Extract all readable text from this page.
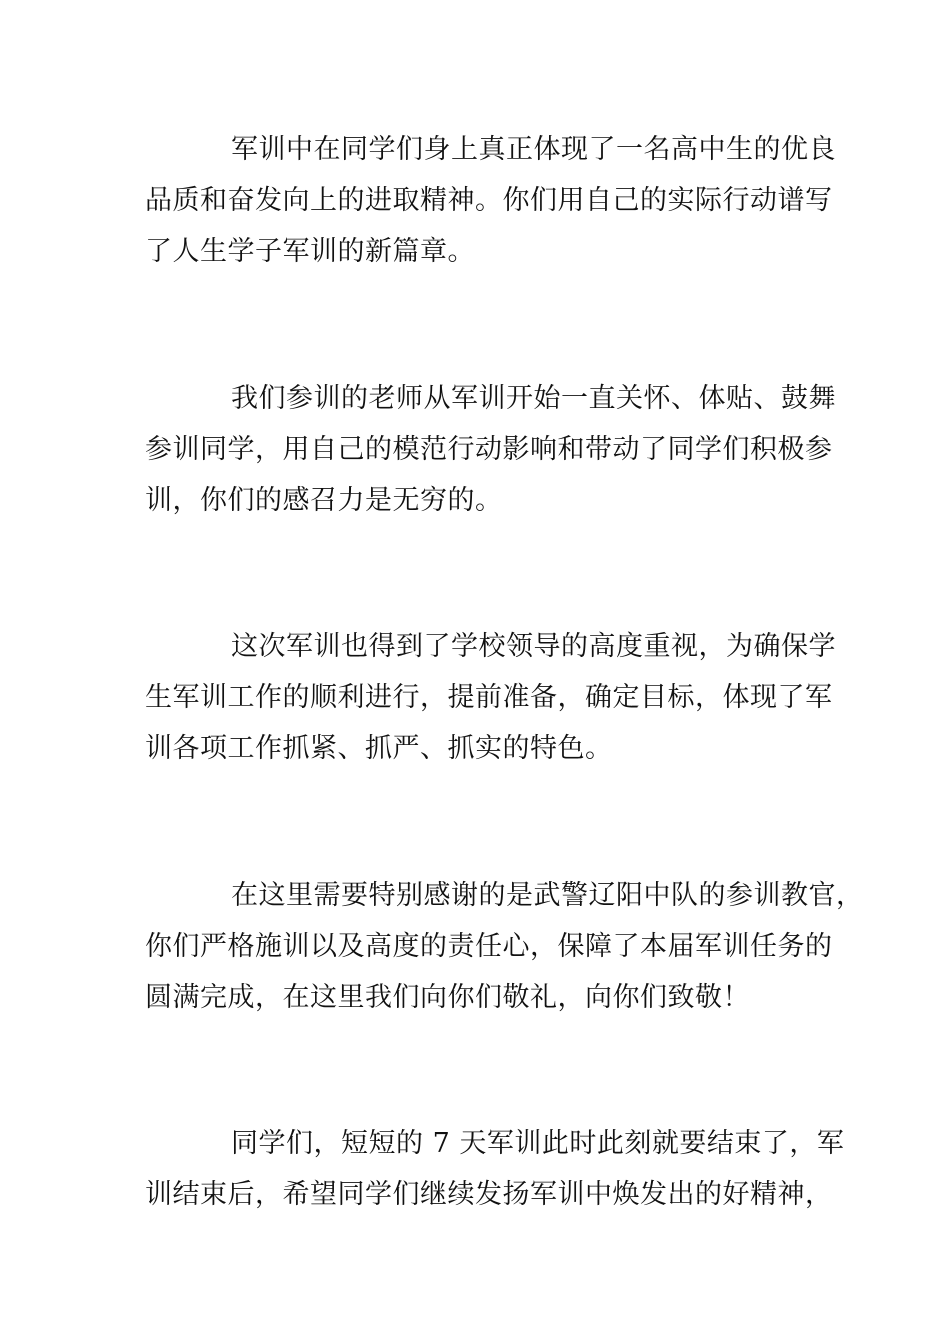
军训中在同学们身上真正体现了一名高中生的优良
品质和奋发向上的进取精神。你们用自己的实际行动谱写
了人生学子军训的新篇章。
我们参训的老师从军训开始一直关怀、体贴、鼓舞
参训同学，用自己的模范行动影响和带动了同学们积极参
训，你们的感召力是无穷的。
这次军训也得到了学校领导的高度重视，为确保学
生军训工作的顺利进行，提前准备，确定目标，体现了军
训各项工作抓紧、抓严、抓实的特色。
在这里需要特别感谢的是武警辽阳中队的参训教官，
你们严格施训以及高度的责任心，保障了本届军训任务的
圆满完成，在这里我们向你们敬礼，向你们致敬！
同学们，短短的 7 天军训此时此刻就要结束了，军
训结束后，希望同学们继续发扬军训中焕发出的好精神，
